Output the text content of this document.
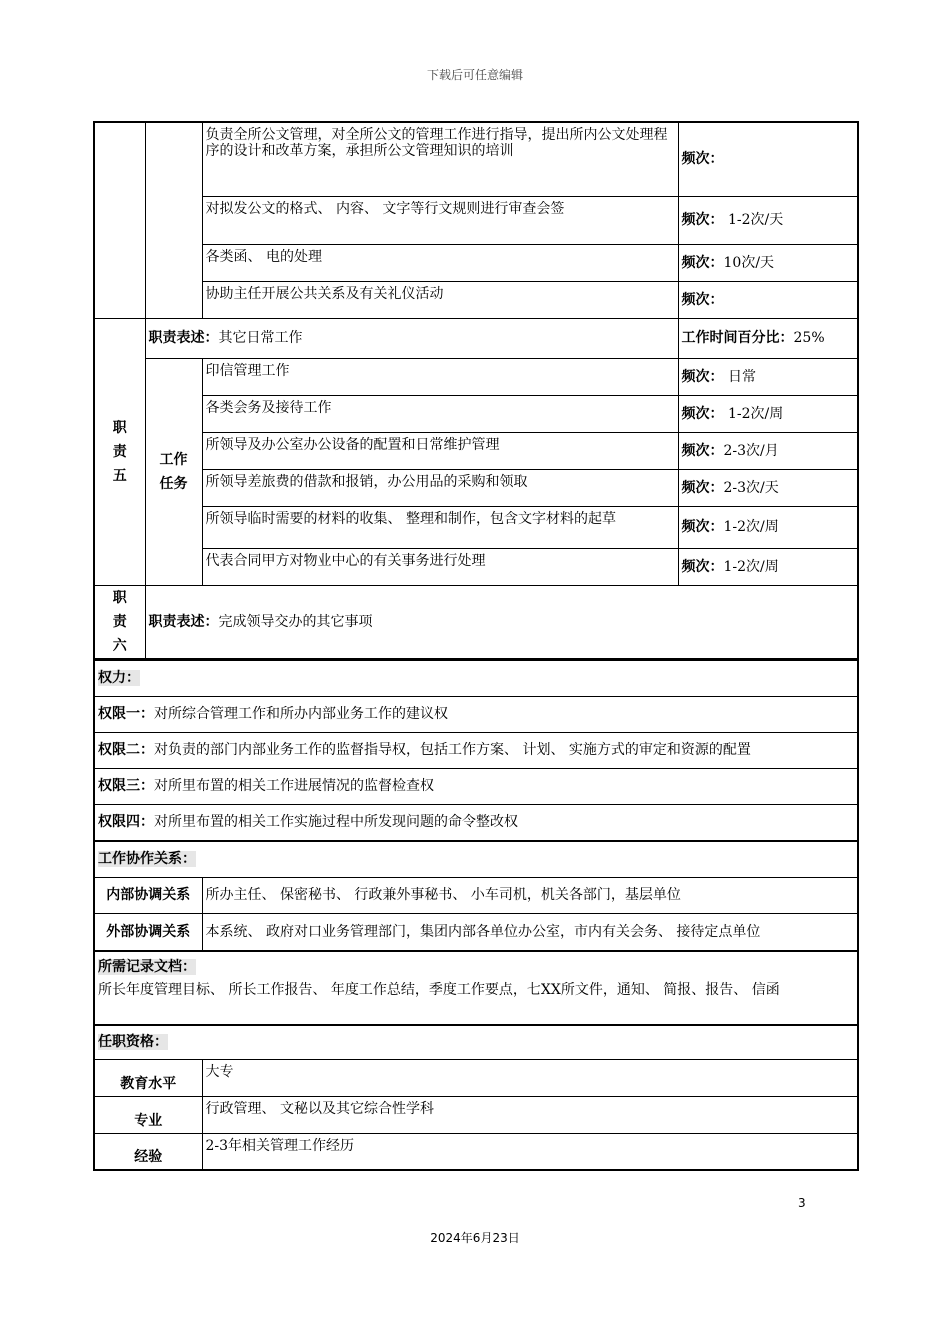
下载后可任意编辑
		负责全所公文管理，对全所公文的管理工作进行指导，提出所内公文处理程序的设计和改革方案，承担所公文管理知识的培训	频次：
		对拟发公文的格式、 内容、 文字等行文规则进行审查会签	频次： 1-2次/天
		各类函、 电的处理	频次：10次/天
		协助主任开展公共关系及有关礼仪活动	频次：

职
责
五	职责表述：其它日常工作		工作时间百分比：25%

	工作
任务	印信管理工作	频次： 日常
		各类会务及接待工作	频次： 1-2次/周
		所领导及办公室办公设备的配置和日常维护管理	频次：2-3次/月
		所领导差旅费的借款和报销，办公用品的采购和领取	频次：2-3次/天
		所领导临时需要的材料的收集、 整理和制作，包含文字材料的起草	频次：1-2次/周
		代表合同甲方对物业中心的有关事务进行处理	频次：1-2次/周

职
责
六	职责表述：完成领导交办的其它事项		
权力：	
权限一：对所综合管理工作和所办内部业务工作的建议权	
权限二：对负责的部门内部业务工作的监督指导权，包括工作方案、 计划、 实施方式的审定和资源的配置	
权限三：对所里布置的相关工作进展情况的监督检查权	
权限四：对所里布置的相关工作实施过程中所发现问题的命令整改权	
工作协作关系：	
内部协调关系	所办主任、 保密秘书、 行政兼外事秘书、 小车司机，机关各部门，基层单位
外部协调关系	本系统、 政府对口业务管理部门，集团内部各单位办公室，市内有关会务、 接待定点单位

所需记录文档：
所长年度管理目标、 所长工作报告、 年度工作总结，季度工作要点，七XX所文件，通知、 简报、报告、 信函	

任职资格：	
教育水平	大专
专业	行政管理、 文秘以及其它综合性学科
经验	2-3年相关管理工作经历
3
2024年6月23日
